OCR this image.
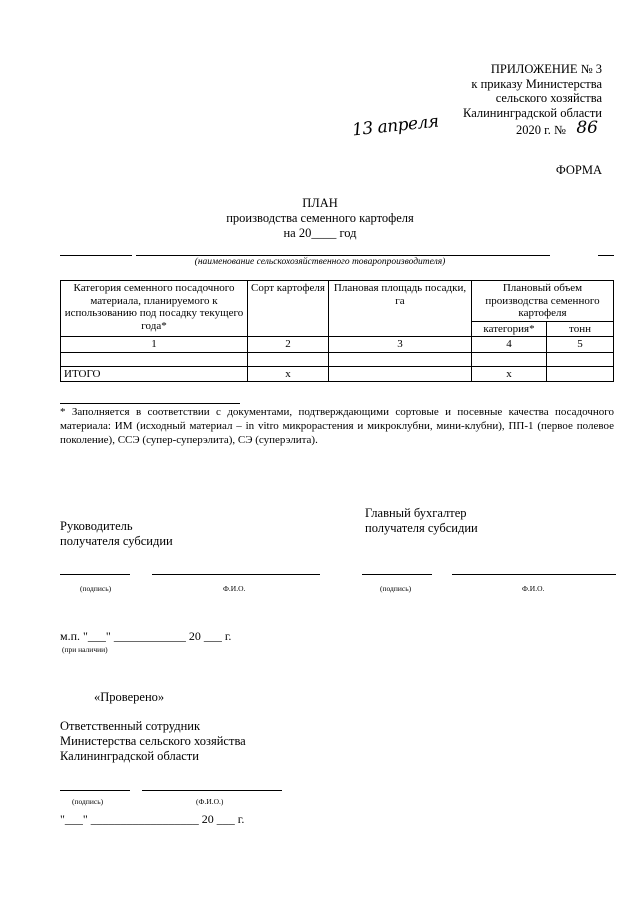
ПРИЛОЖЕНИЕ № 3
к приказу Министерства
сельского хозяйства
Калининградской области
13 апреля	2020 г. № 86
ФОРМА
ПЛАН
производства семенного картофеля
на 20____ год
(наименование сельскохозяйственного товаропроизводителя)
Категория семенного посадочного материала, планируемого к использованию под посадку текущего года*	Сорт картофеля	Плановая площадь посадки, га	Плановый объем производства семенного картофеля	
			категория*	тонн
1	2	3	4	5

ИТОГО	х		х	
* Заполняется в соответствии с документами, подтверждающими сортовые и посевные качества посадочного материала: ИМ (исходный материал – in vitro микрорастения и микроклубни, мини-клубни), ПП-1 (первое полевое поколение), ССЭ (супер-суперэлита), СЭ (суперэлита).
Руководитель
получателя субсидии
Главный бухгалтер
получателя субсидии
(подпись)	Ф.И.О.	(подпись)	Ф.И.О.
м.п. "___" ____________ 20 ___ г.
(при наличии)
«Проверено»
Ответственный сотрудник
Министерства сельского хозяйства
Калининградской области
(подпись)	(Ф.И.О.)
"___" __________________ 20 ___ г.
